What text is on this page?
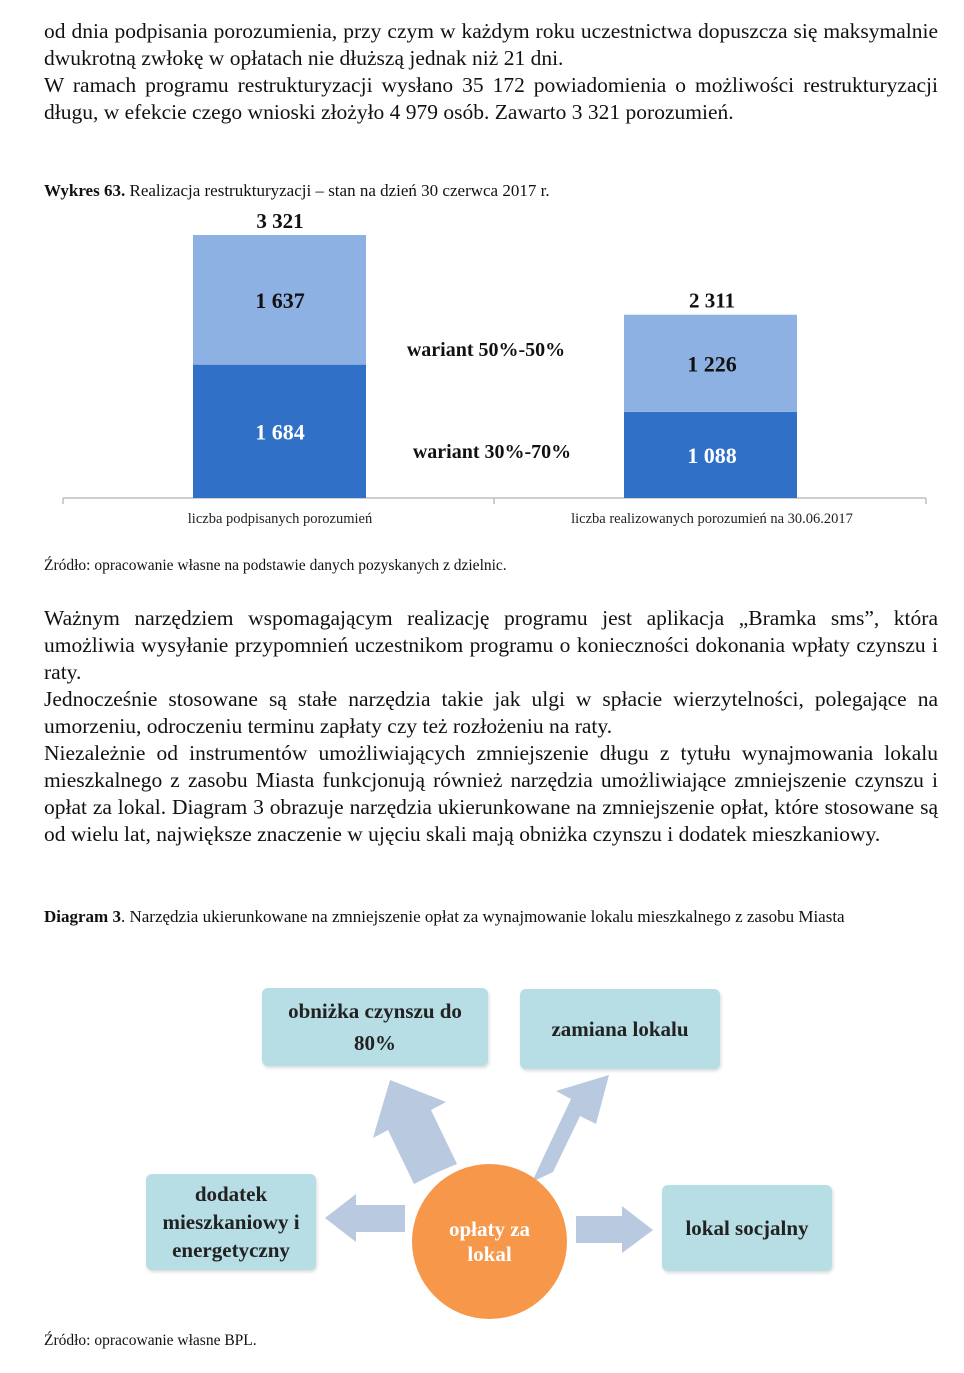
od dnia podpisania porozumienia, przy czym w każdym roku uczestnictwa dopuszcza się maksymalnie dwukrotną zwłokę w opłatach nie dłuższą jednak niż 21 dni.

W ramach programu restrukturyzacji wysłano 35 172 powiadomienia o możliwości restrukturyzacji długu, w efekcie czego wnioski złożyło 4 979 osób. Zawarto 3 321 porozumień.

Wykres 63. Realizacja restrukturyzacji – stan na dzień 30 czerwca 2017 r.

1 684
1 637
3 321
liczba podpisanych porozumień
1 088
1 226
2 311
liczba realizowanych porozumień na 30.06.2017
wariant 30%-70%
wariant 50%-50%

Źródło: opracowanie własne na podstawie danych pozyskanych z dzielnic.

Ważnym narzędziem wspomagającym realizację programu jest aplikacja „Bramka sms”, która umożliwia wysyłanie przypomnień uczestnikom programu o konieczności dokonania wpłaty czynszu i raty.

Jednocześnie stosowane są stałe narzędzia takie jak ulgi w spłacie wierzytelności, polegające na umorzeniu, odroczeniu terminu zapłaty czy też rozłożeniu na raty.

Niezależnie od instrumentów umożliwiających zmniejszenie długu z tytułu wynajmowania lokalu mieszkalnego z zasobu Miasta funkcjonują również narzędzia umożliwiające zmniejszenie czynszu i opłat za lokal. Diagram 3 obrazuje narzędzia ukierunkowane na zmniejszenie opłat, które stosowane są od wielu lat, największe znaczenie w ujęciu skali mają obniżka czynszu i dodatek mieszkaniowy.

Diagram 3. Narzędzia ukierunkowane na zmniejszenie opłat za wynajmowanie lokalu mieszkalnego z zasobu Miasta

obniżka czynszu do 80%
zamiana lokalu
dodatek mieszkaniowy i energetyczny
lokal socjalny
opłaty za lokal

Źródło: opracowanie własne BPL.
